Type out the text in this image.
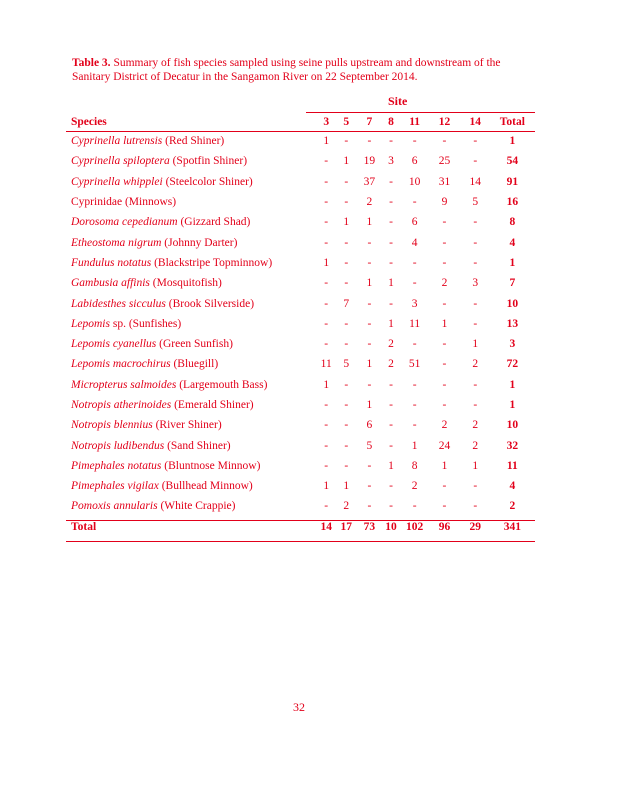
Table 3. Summary of fish species sampled using seine pulls upstream and downstream of the Sanitary District of Decatur in the Sangamon River on 22 September 2014.
Site
Species	3	5	7	8	11	12	14	Total
Cyprinella lutrensis (Red Shiner)	1	-	-	-	-	-	-	1
Cyprinella spiloptera (Spotfin Shiner)	-	1	19	3	6	25	-	54
Cyprinella whipplei (Steelcolor Shiner)	-	-	37	-	10	31	14	91
Cyprinidae (Minnows)	-	-	2	-	-	9	5	16
Dorosoma cepedianum (Gizzard Shad)	-	1	1	-	6	-	-	8
Etheostoma nigrum (Johnny Darter)	-	-	-	-	4	-	-	4
Fundulus notatus (Blackstripe Topminnow)	1	-	-	-	-	-	-	1
Gambusia affinis (Mosquitofish)	-	-	1	1	-	2	3	7
Labidesthes sicculus (Brook Silverside)	-	7	-	-	3	-	-	10
Lepomis sp. (Sunfishes)	-	-	-	1	11	1	-	13
Lepomis cyanellus (Green Sunfish)	-	-	-	2	-	-	1	3
Lepomis macrochirus (Bluegill)	11	5	1	2	51	-	2	72
Micropterus salmoides (Largemouth Bass)	1	-	-	-	-	-	-	1
Notropis atherinoides (Emerald Shiner)	-	-	1	-	-	-	-	1
Notropis blennius (River Shiner)	-	-	6	-	-	2	2	10
Notropis ludibendus (Sand Shiner)	-	-	5	-	1	24	2	32
Pimephales notatus (Bluntnose Minnow)	-	-	-	1	8	1	1	11
Pimephales vigilax (Bullhead Minnow)	1	1	-	-	2	-	-	4
Pomoxis annularis (White Crappie)	-	2	-	-	-	-	-	2
Total	14	17	73	10	102	96	29	341
32
